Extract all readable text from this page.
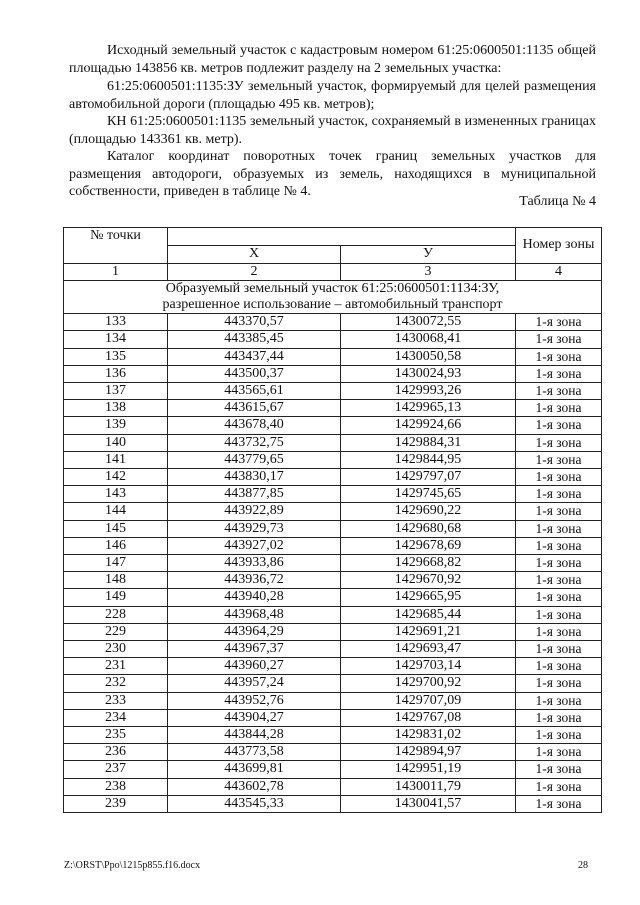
Исходный земельный участок с кадастровым номером 61:25:0600501:1135 общей площадью 143856 кв. метров подлежит разделу на 2 земельных участка:

61:25:0600501:1135:ЗУ земельный участок, формируемый для целей размещения автомобильной дороги (площадью 495 кв. метров);

КН 61:25:0600501:1135 земельный участок, сохраняемый в измененных границах (площадью 143361 кв. метр).

Каталог координат поворотных точек границ земельных участков для размещения автодороги, образуемых из земель, находящихся в муниципальной собственности, приведен в таблице № 4.

Таблица № 4
№ точки			Номер зоны
	Х	У	
1	2	3	4

Образуемый земельный участок 61:25:0600501:1134:ЗУ,
разрешенное использование – автомобильный транспорт			

133	443370,57	1430072,55	1-я зона
134	443385,45	1430068,41	1-я зона
135	443437,44	1430050,58	1-я зона
136	443500,37	1430024,93	1-я зона
137	443565,61	1429993,26	1-я зона
138	443615,67	1429965,13	1-я зона
139	443678,40	1429924,66	1-я зона
140	443732,75	1429884,31	1-я зона
141	443779,65	1429844,95	1-я зона
142	443830,17	1429797,07	1-я зона
143	443877,85	1429745,65	1-я зона
144	443922,89	1429690,22	1-я зона
145	443929,73	1429680,68	1-я зона
146	443927,02	1429678,69	1-я зона
147	443933,86	1429668,82	1-я зона
148	443936,72	1429670,92	1-я зона
149	443940,28	1429665,95	1-я зона
228	443968,48	1429685,44	1-я зона
229	443964,29	1429691,21	1-я зона
230	443967,37	1429693,47	1-я зона
231	443960,27	1429703,14	1-я зона
232	443957,24	1429700,92	1-я зона
233	443952,76	1429707,09	1-я зона
234	443904,27	1429767,08	1-я зона
235	443844,28	1429831,02	1-я зона
236	443773,58	1429894,97	1-я зона
237	443699,81	1429951,19	1-я зона
238	443602,78	1430011,79	1-я зона
239	443545,33	1430041,57	1-я зона
Z:\ORST\Ppo\1215p855.f16.docx	28
